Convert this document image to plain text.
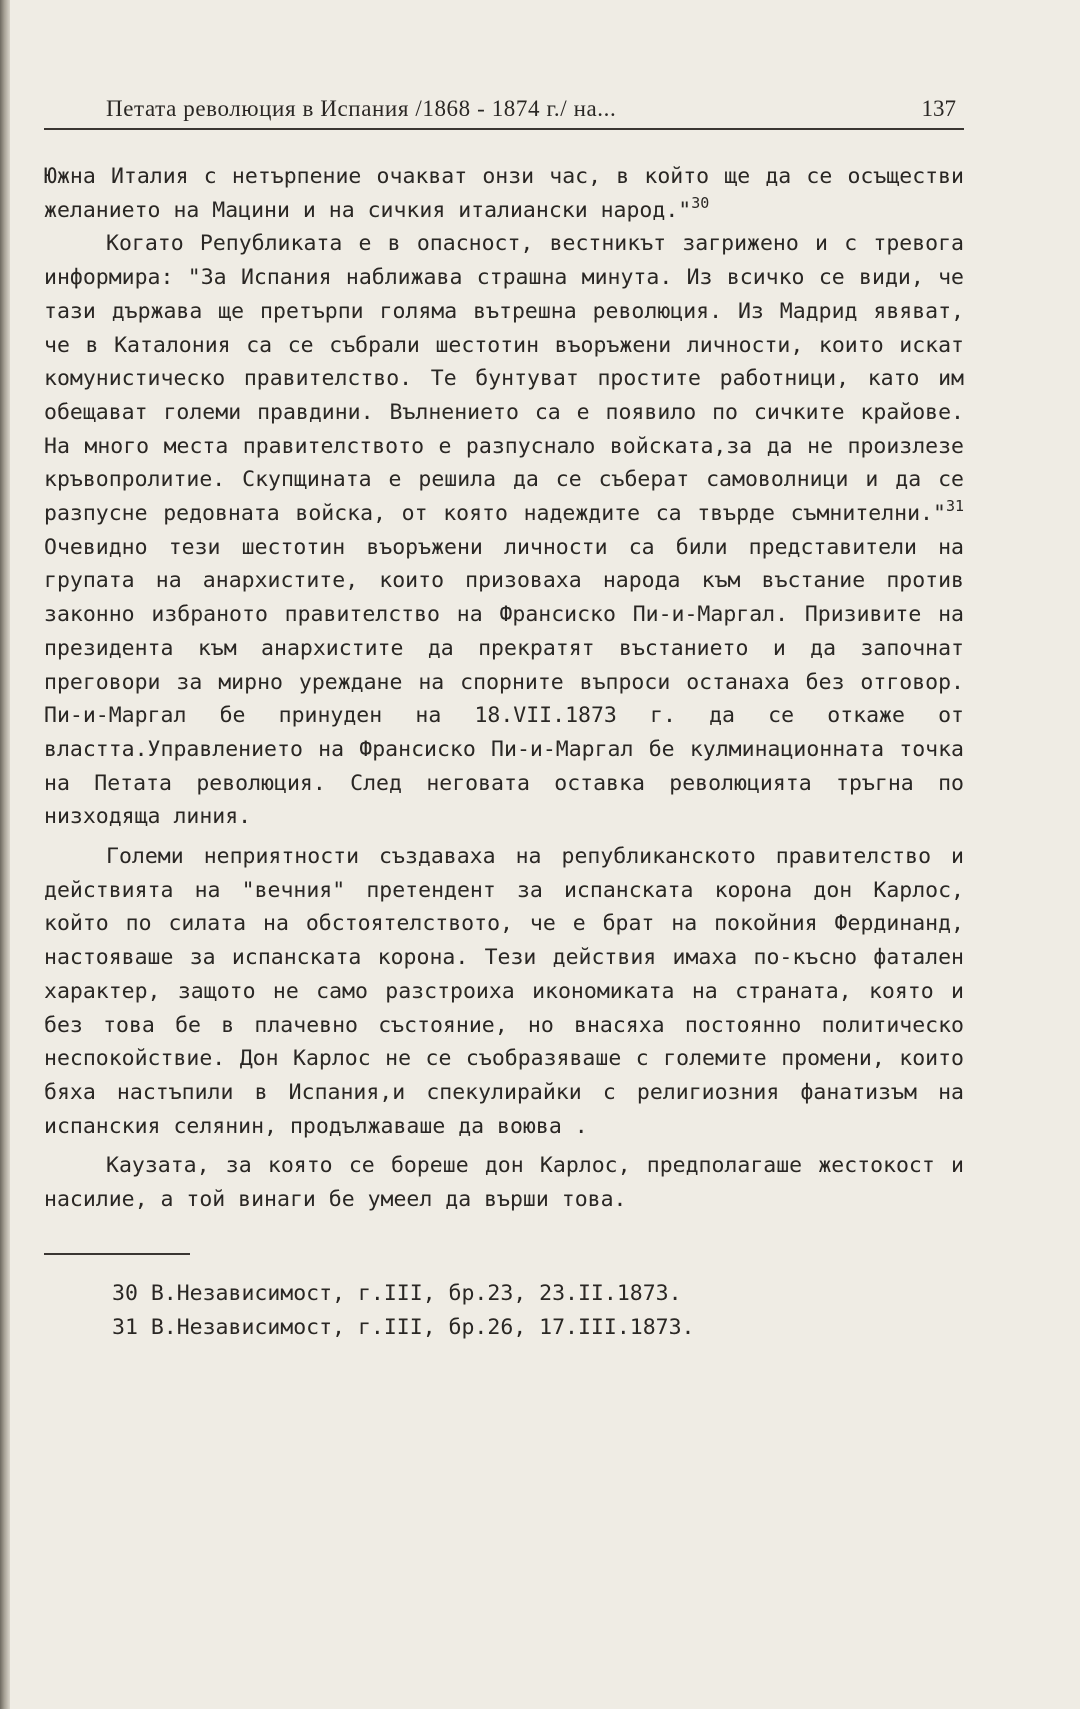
Петата революция в Испания /1868 - 1874 г./ на...	137

Южна Италия с нетърпение очакват онзи час, в който ще да се осъществи желанието на Мацини и на сичкия италиански народ."$^{30}$

Когато Републиката е в опасност, вестникът загрижено и с тревога информира: "За Испания наближава страшна минута. Из всичко се види, че тази държава ще претърпи голяма вътрешна революция. Из Мадрид явяват, че в Каталония са се събрали шестотин въоръжени личности, които искат комунистическо правителство. Те бунтуват простите работници, като им обещават големи правдини. Вълнението са е появило по сичките крайове. На много места правителството е разпуснало войската,за да не произлезе кръвопролитие. Скупщината е решила да се съберат самоволници и да се разпусне редовната войска, от която надеждите са твърде съмнителни."$^{31}$ Очевидно тези шестотин въоръжени личности са били представители на групата на анархистите, които призоваха народа към въстание против законно избраното правителство на Франсиско Пи-и-Маргал. Призивите на президента към анархистите да прекратят въстанието и да започнат преговори за мирно уреждане на спорните въпроси останаха без отговор. Пи-и-Маргал бе принуден на 18.VII.1873 г. да се откаже от властта.Управлението на Франсиско Пи-и-Маргал бе кулминационната точка на Петата революция. След неговата оставка революцията тръгна по низходяща линия.

Големи неприятности създаваха на републиканското правителство и действията на "вечния" претендент за испанската корона дон Карлос, който по силата на обстоятелството, че е брат на покойния Фердинанд, настояваше за испанската корона. Тези действия имаха по-късно фатален характер, защото не само разстроиха икономиката на страната, която и без това бе в плачевно състояние, но внасяха постоянно политическо неспокойствие. Дон Карлос не се съобразяваше с големите промени, които бяха настъпили в Испания,и спекулирайки с религиозния фанатизъм на испанския селянин, продължаваше да воюва .

Каузата, за която се бореше дон Карлос, предполагаше жестокост и насилие, а той винаги бе умеел да върши това.

30 В.Независимост, г.III, бр.23, 23.II.1873.
31 В.Независимост, г.III, бр.26, 17.III.1873.
